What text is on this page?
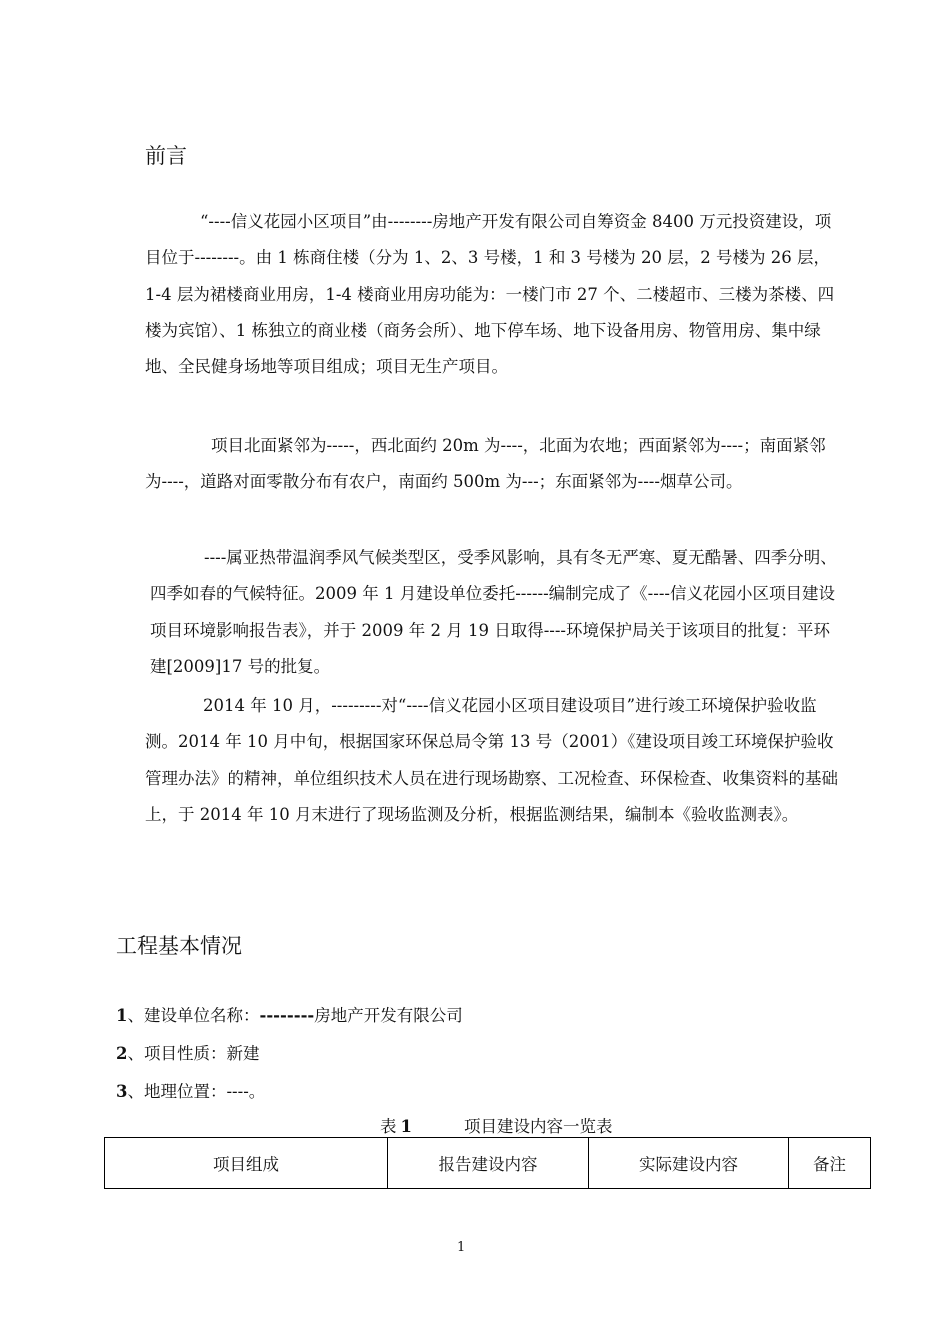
前言

“----信义花园小区项目”由--------房地产开发有限公司自筹资金 8400 万元投资建设，项目位于--------。由 1 栋商住楼（分为 1、2、3 号楼，1 和 3 号楼为 20 层，2 号楼为 26 层，1-4 层为裙楼商业用房，1-4 楼商业用房功能为：一楼门市 27 个、二楼超市、三楼为茶楼、四楼为宾馆）、1 栋独立的商业楼（商务会所）、地下停车场、地下设备用房、物管用房、集中绿地、全民健身场地等项目组成；项目无生产项目。

项目北面紧邻为-----，西北面约 20m 为----，北面为农地；西面紧邻为----；南面紧邻为----，道路对面零散分布有农户，南面约 500m 为---；东面紧邻为----烟草公司。

----属亚热带温润季风气候类型区，受季风影响，具有冬无严寒、夏无酷暑、四季分明、四季如春的气候特征。2009 年 1 月建设单位委托------编制完成了《----信义花园小区项目建设项目环境影响报告表》，并于 2009 年 2 月 19 日取得----环境保护局关于该项目的批复：平环建[2009]17 号的批复。

2014 年 10 月，---------对“----信义花园小区项目建设项目”进行竣工环境保护验收监测。2014 年 10 月中旬，根据国家环保总局令第 13 号（2001）《建设项目竣工环境保护验收管理办法》的精神，单位组织技术人员在进行现场勘察、工况检查、环保检查、收集资料的基础上，于 2014 年 10 月末进行了现场监测及分析，根据监测结果，编制本《验收监测表》。

工程基本情况
1、建设单位名称：--------房地产开发有限公司
2、项目性质：新建
3、地理位置：----。
表 1	项目建设内容一览表
项目组成	报告建设内容	实际建设内容	备注
1
